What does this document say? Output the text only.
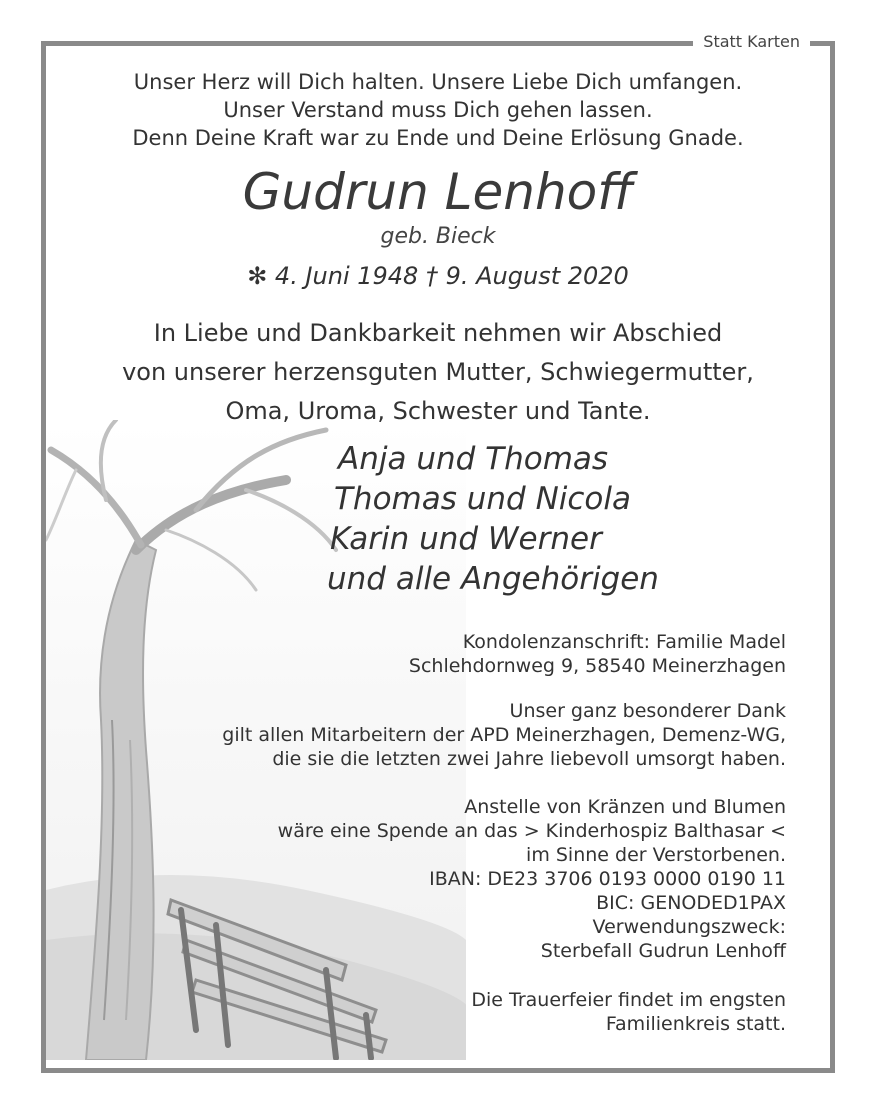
Statt Karten
Unser Herz will Dich halten. Unsere Liebe Dich umfangen.
Unser Verstand muss Dich gehen lassen.
Denn Deine Kraft war zu Ende und Deine Erlösung Gnade.
Gudrun Lenhoff
geb. Bieck
✻ 4. Juni 1948 † 9. August 2020
In Liebe und Dankbarkeit nehmen wir Abschied
von unserer herzensguten Mutter, Schwiegermutter,
Oma, Uroma, Schwester und Tante.
Anja und Thomas
Thomas und Nicola
Karin und Werner
und alle Angehörigen
Kondolenzanschrift: Familie Madel
Schlehdornweg 9, 58540 Meinerzhagen
Unser ganz besonderer Dank
gilt allen Mitarbeitern der APD Meinerzhagen, Demenz-WG,
die sie die letzten zwei Jahre liebevoll umsorgt haben.
Anstelle von Kränzen und Blumen
wäre eine Spende an das > Kinderhospiz Balthasar <
im Sinne der Verstorbenen.
IBAN: DE23 3706 0193 0000 0190 11
BIC: GENODED1PAX
Verwendungszweck:
Sterbefall Gudrun Lenhoff
Die Trauerfeier findet im engsten
Familienkreis statt.
